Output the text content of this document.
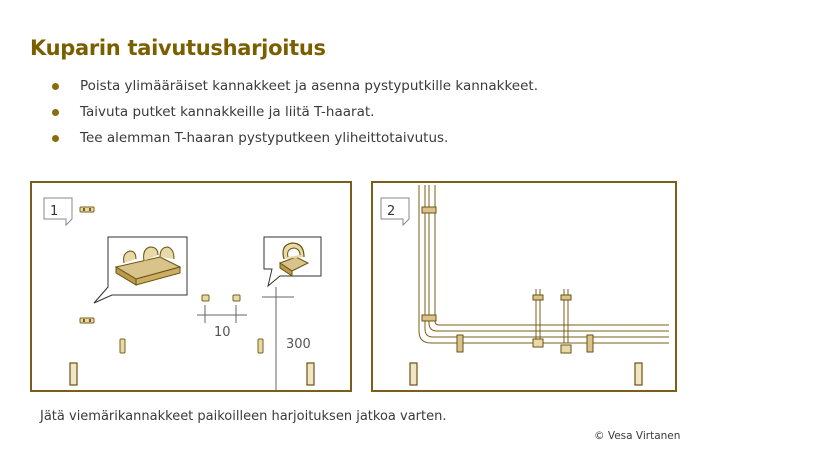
Kuparin taivutusharjoitus
Poista ylimääräiset kannakkeet ja asenna pystyputkille kannakkeet.
Taivuta putket kannakkeille ja liitä T-haarat.
Tee alemman T-haaran pystyputkeen yliheittotaivutus.
1
10
300
2
Jätä viemärikannakkeet paikoilleen harjoituksen jatkoa varten.
© Vesa Virtanen
